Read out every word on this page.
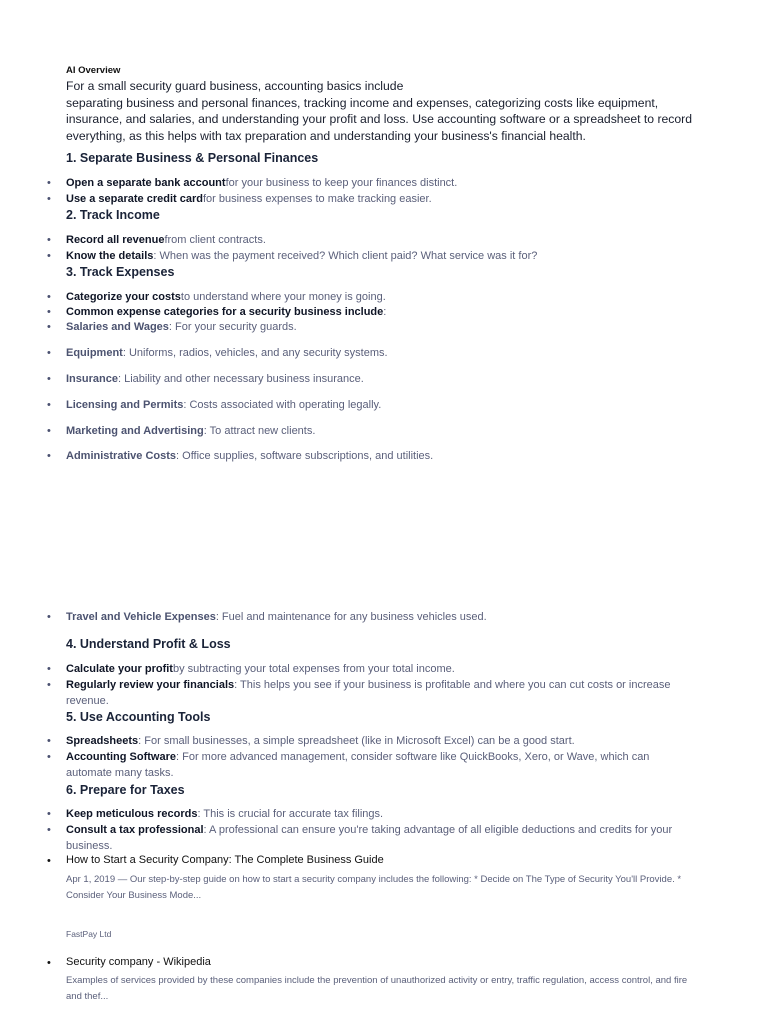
AI Overview

For a small security guard business, accounting basics include

separating business and personal finances, tracking income and expenses, categorizing costs like equipment, insurance, and salaries, and understanding your profit and loss. Use accounting software or a spreadsheet to record everything, as this helps with tax preparation and understanding your business's financial health.

1. Separate Business & Personal Finances
2. Track Income
3. Track Expenses
4. Understand Profit & Loss
5. Use Accounting Tools
6. Prepare for Taxes
• Open a separate bank accountfor your business to keep your finances distinct.
• Use a separate credit cardfor business expenses to make tracking easier.
• Record all revenuefrom client contracts.
• Know the details: When was the payment received? Which client paid? What service was it for?
• Categorize your coststo understand where your money is going.
• Common expense categories for a security business include:
• Salaries and Wages: For your security guards.
• Equipment: Uniforms, radios, vehicles, and any security systems.
• Insurance: Liability and other necessary business insurance.
• Licensing and Permits: Costs associated with operating legally.
• Marketing and Advertising: To attract new clients.
• Administrative Costs: Office supplies, software subscriptions, and utilities.
• Travel and Vehicle Expenses: Fuel and maintenance for any business vehicles used.
• Calculate your profitby subtracting your total expenses from your total income.
• Regularly review your financials: This helps you see if your business is profitable and where you can cut costs or increase revenue.
• Spreadsheets: For small businesses, a simple spreadsheet (like in Microsoft Excel) can be a good start.
• Accounting Software: For more advanced management, consider software like QuickBooks, Xero, or Wave, which can automate many tasks.
• Keep meticulous records: This is crucial for accurate tax filings.
• Consult a tax professional: A professional can ensure you're taking advantage of all eligible deductions and credits for your business.
• How to Start a Security Company: The Complete Business Guide
Apr 1, 2019 — Our step-by-step guide on how to start a security company includes the following: * Decide on The Type of Security You'll Provide. * Consider Your Business Mode...
FastPay Ltd
• Security company - Wikipedia
Examples of services provided by these companies include the prevention of unauthorized activity or entry, traffic regulation, access control, and fire and thef...
